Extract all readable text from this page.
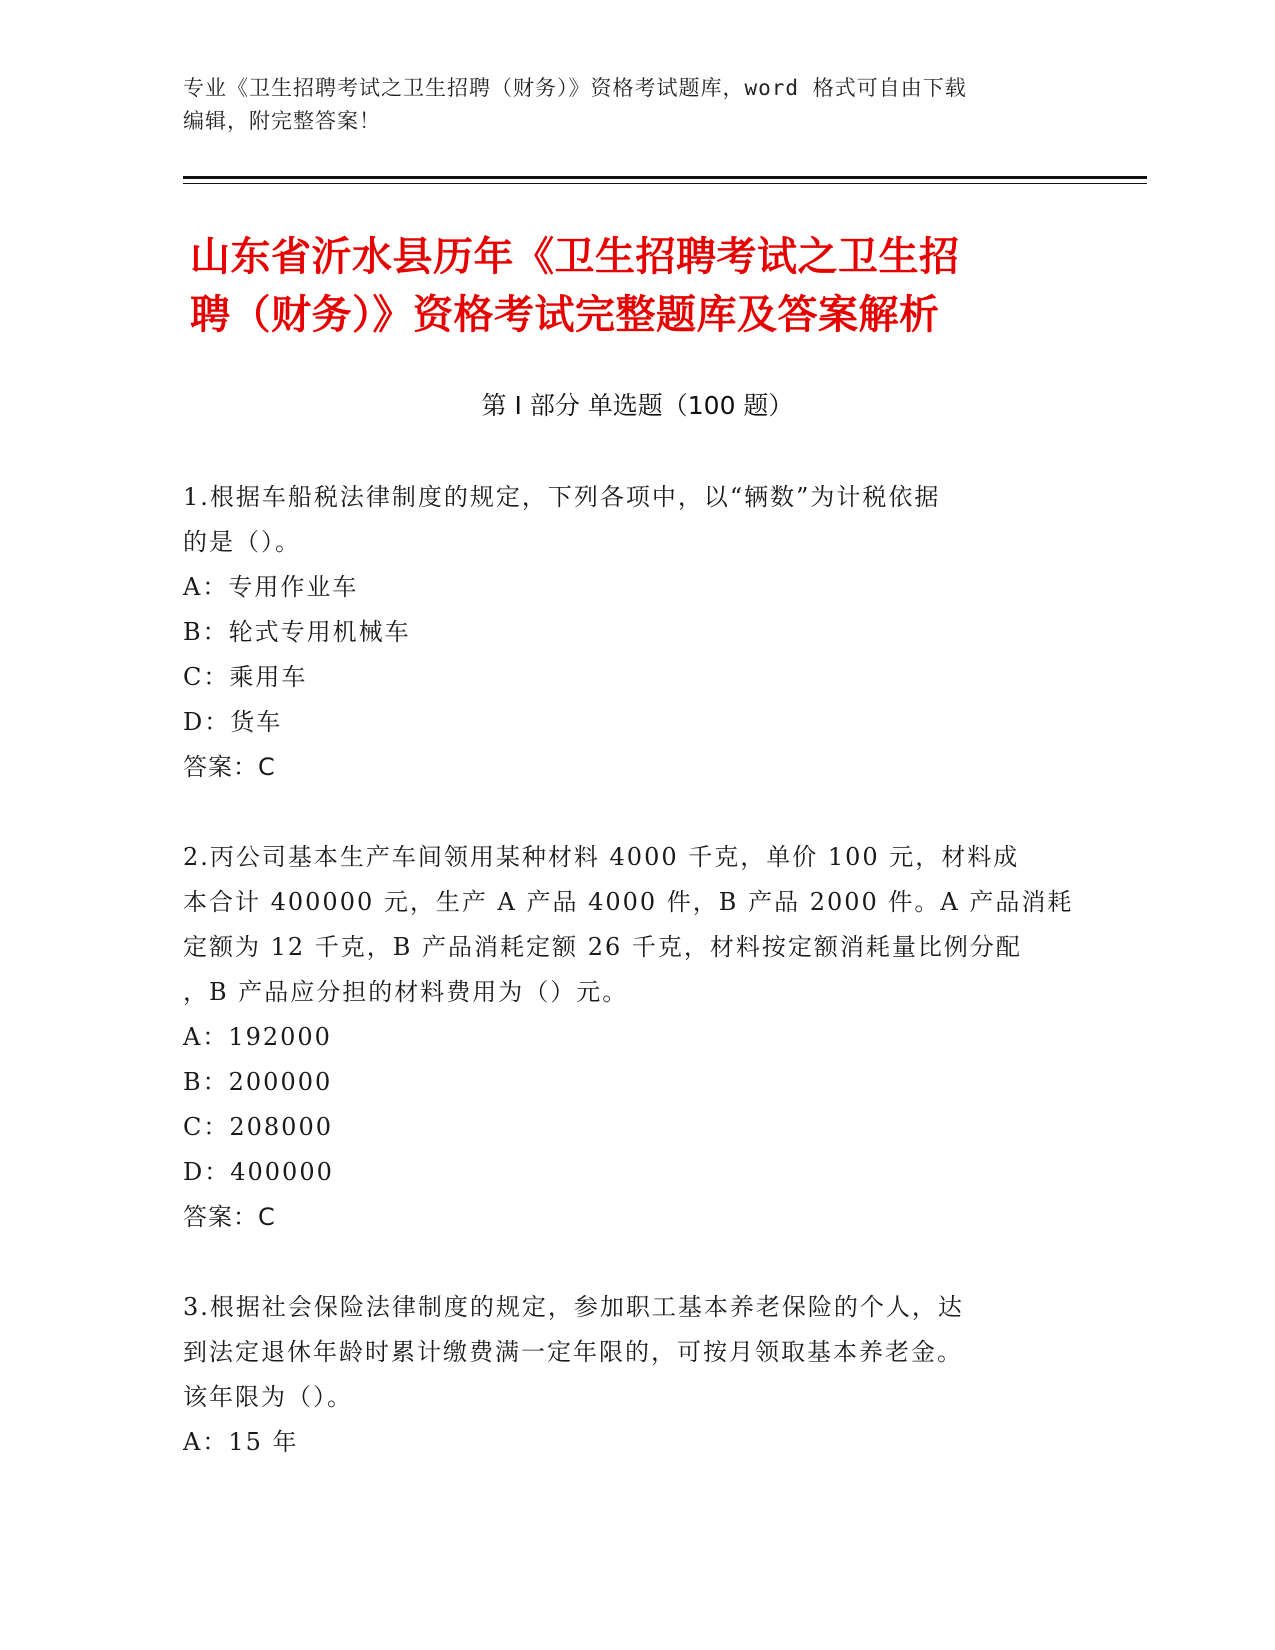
专业《卫生招聘考试之卫生招聘（财务）》资格考试题库，word 格式可自由下载
编辑，附完整答案！
山东省沂水县历年《卫生招聘考试之卫生招
聘（财务）》资格考试完整题库及答案解析
第 I 部分 单选题（100 题）

1.根据车船税法律制度的规定，下列各项中，以“辆数”为计税依据

的是（）。

A：专用作业车

B：轮式专用机械车

C：乘用车

D：货车

答案：C

2.丙公司基本生产车间领用某种材料 4000 千克，单价 100 元，材料成

本合计 400000 元，生产 A 产品 4000 件，B 产品 2000 件。A 产品消耗

定额为 12 千克，B 产品消耗定额 26 千克，材料按定额消耗量比例分配

，B 产品应分担的材料费用为（）元。

A：192000

B：200000

C：208000

D：400000

答案：C

3.根据社会保险法律制度的规定，参加职工基本养老保险的个人，达

到法定退休年龄时累计缴费满一定年限的，可按月领取基本养老金。

该年限为（）。

A：15 年
